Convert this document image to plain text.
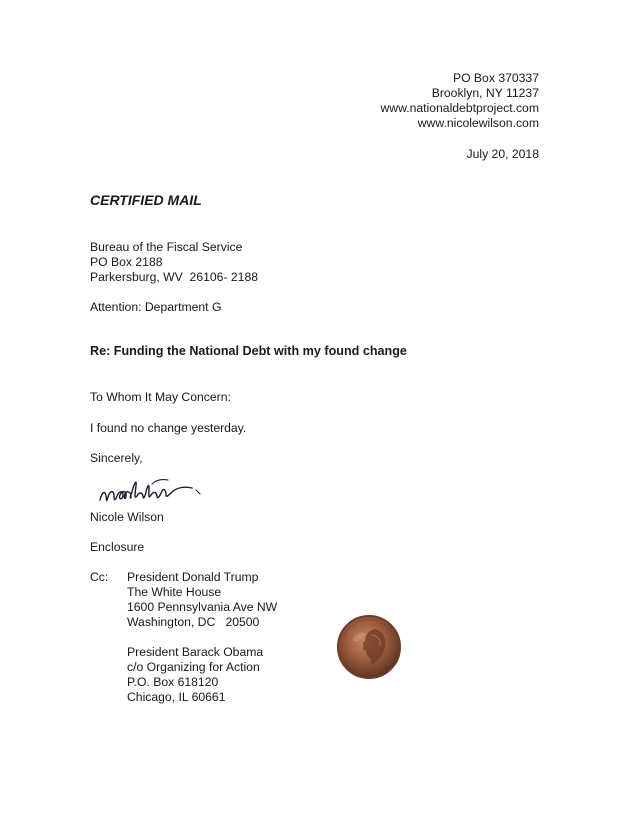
PO Box 370337
Brooklyn, NY 11237
www.nationaldebtproject.com
www.nicolewilson.com
July 20, 2018
CERTIFIED MAIL
Bureau of the Fiscal Service
PO Box 2188
Parkersburg, WV  26106- 2188
Attention: Department G
Re: Funding the National Debt with my found change
To Whom It May Concern:
I found no change yesterday.
Sincerely,
Nicole Wilson
Enclosure
Cc: President Donald Trump
The White House
1600 Pennsylvania Ave NW
Washington, DC   20500
President Barack Obama
c/o Organizing for Action
P.O. Box 618120
Chicago, IL 60661
